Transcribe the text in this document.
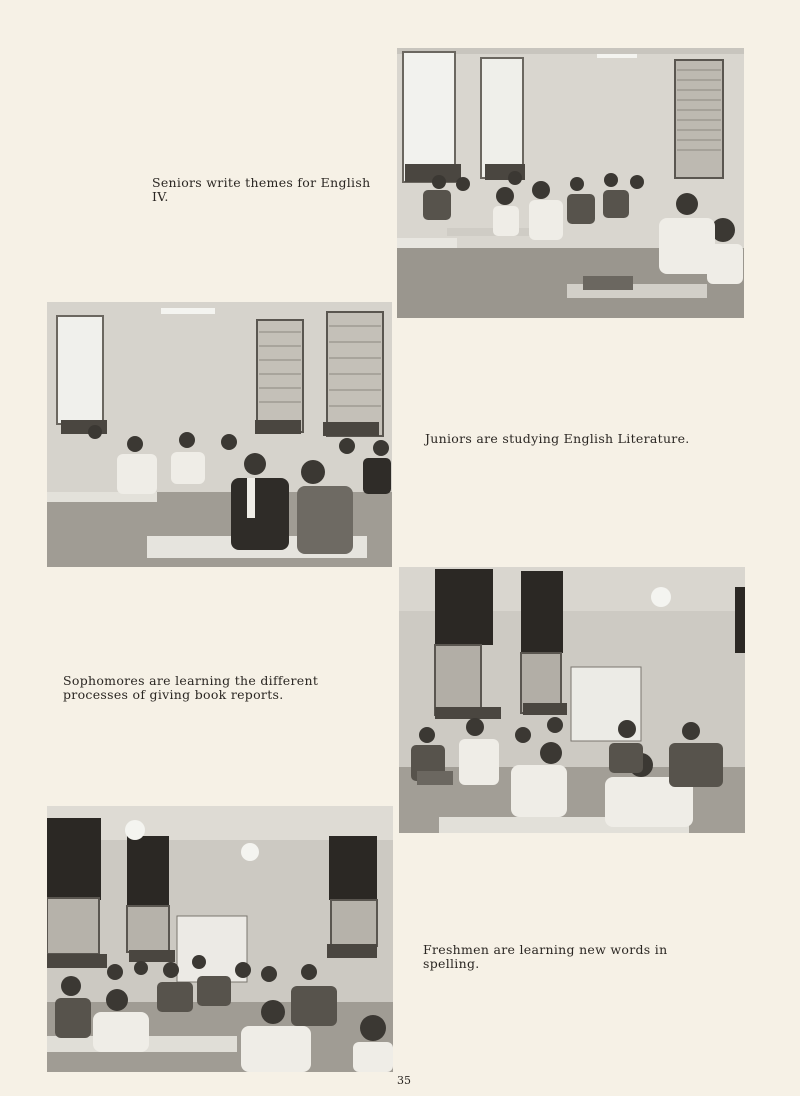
Seniors write themes for English IV.
Juniors are studying English Literature.
Sophomores are learning the different processes of giving book reports.
Freshmen are learning new words in spelling.
35
